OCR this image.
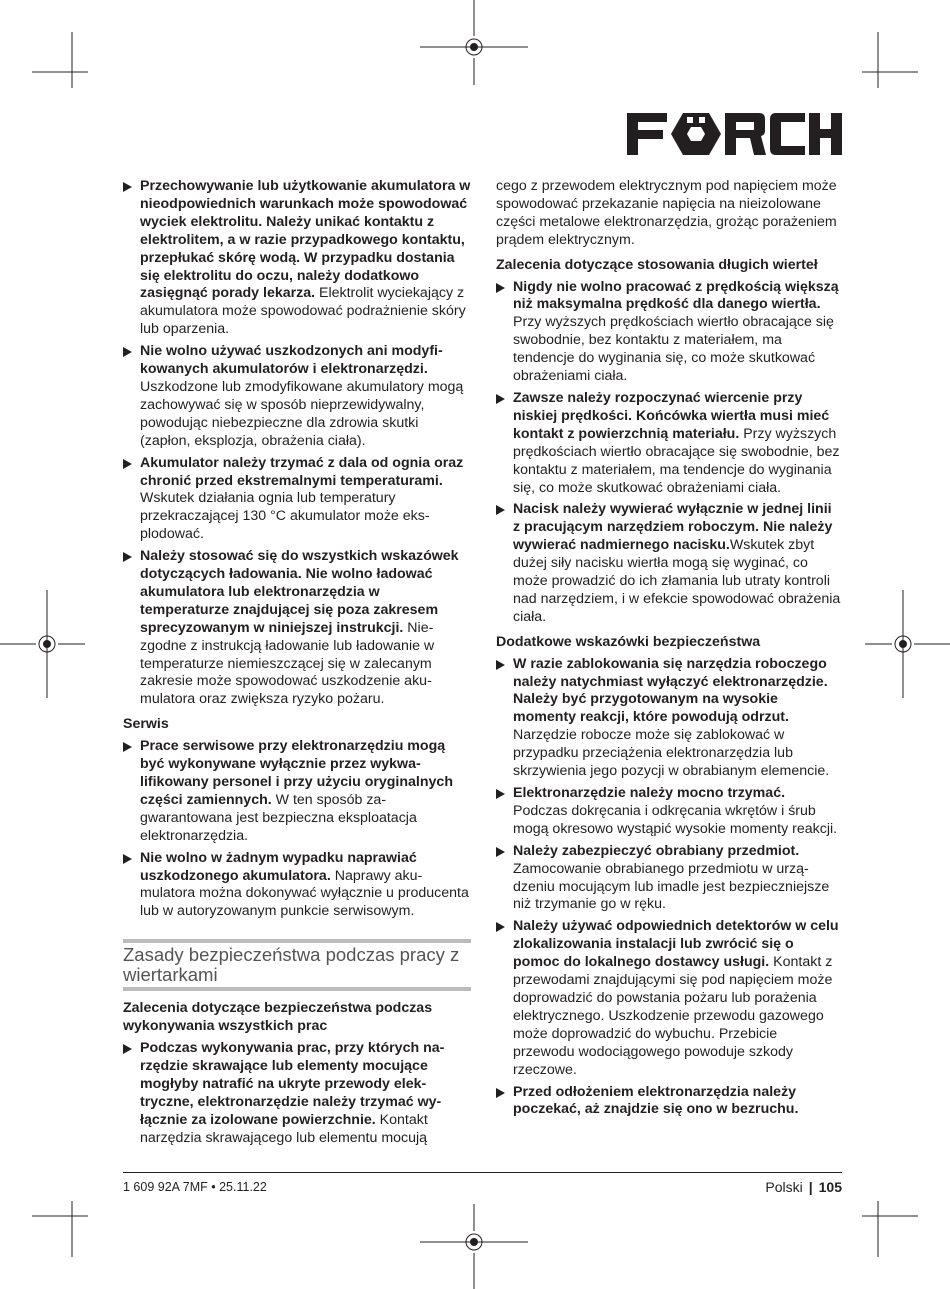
Przechowywanie lub użytkowanie akumulatora w nieodpowiednich warunkach może spowodować wyciek elektrolitu. Należy unikać kontaktu z elektrolitem, a w razie przypadkowego kontaktu, przepłukać skórę wodą. W przypadku dostania się elektrolitu do oczu, należy dodatkowo zasięgnąć porady lekarza. Elektrolit wyciekający z akumulatora może spowodować podrażnienie skóry lub oparzenia.
Nie wolno używać uszkodzonych ani modyfikowanych akumulatorów i elektronarzędzi. Uszkodzone lub zmodyfikowane akumulatory mogą zachowywać się w sposób nieprzewidywalny, powodując niebezpieczne dla zdrowia skutki (zapłon, eksplozja, obrażenia ciała).
Akumulator należy trzymać z dala od ognia oraz chronić przed ekstremalnymi temperaturami. Wskutek działania ognia lub temperatury przekraczającej 130 °C akumulator może eksplodować.
Należy stosować się do wszystkich wskazówek dotyczących ładowania. Nie wolno ładować akumulatora lub elektronarzędzia w temperaturze znajdującej się poza zakresem sprecyzowanym w niniejszej instrukcji. Niezgodne z instrukcją ładowanie lub ładowanie w temperaturze niemieszczącej się w zalecanym zakresie może spowodować uszkodzenie akumulatora oraz zwiększa ryzyko pożaru.
Serwis
Prace serwisowe przy elektronarzędziu mogą być wykonywane wyłącznie przez wykwalifikowany personel i przy użyciu oryginalnych części zamiennych. W ten sposób zagwarantowana jest bezpieczna eksploatacja elektronarzędzia.
Nie wolno w żadnym wypadku naprawiać uszkodzonego akumulatora. Naprawy akumulatora można dokonywać wyłącznie u producenta lub w autoryzowanym punkcie serwisowym.
Zasady bezpieczeństwa podczas pracy z wiertarkami
Zalecenia dotyczące bezpieczeństwa podczas wykonywania wszystkich prac
Podczas wykonywania prac, przy których narzędzie skrawające lub elementy mocujące mogłyby natrafić na ukryte przewody elektryczne, elektronarzędzie należy trzymać wyłącznie za izolowane powierzchnie. Kontakt narzędzia skrawającego lub elementu mocują
cego z przewodem elektrycznym pod napięciem może spowodować przekazanie napięcia na nieizolowane części metalowe elektronarzędzia, grożąc porażeniem prądem elektrycznym.
Zalecenia dotyczące stosowania długich wierteł
Nigdy nie wolno pracować z prędkością większą niż maksymalna prędkość dla danego wiertła. Przy wyższych prędkościach wiertło obracające się swobodnie, bez kontaktu z materiałem, ma tendencje do wyginania się, co może skutkować obrażeniami ciała.
Zawsze należy rozpoczynać wiercenie przy niskiej prędkości. Końcówka wiertła musi mieć kontakt z powierzchnią materiału. Przy wyższych prędkościach wiertło obracające się swobodnie, bez kontaktu z materiałem, ma tendencje do wyginania się, co może skutkować obrażeniami ciała.
Nacisk należy wywierać wyłącznie w jednej linii z pracującym narzędziem roboczym. Nie należy wywierać nadmiernego nacisku.Wskutek zbyt dużej siły nacisku wiertła mogą się wyginać, co może prowadzić do ich złamania lub utraty kontroli nad narzędziem, i w efekcie spowodować obrażenia ciała.
Dodatkowe wskazówki bezpieczeństwa
W razie zablokowania się narzędzia roboczego należy natychmiast wyłączyć elektronarzędzie. Należy być przygotowanym na wysokie momenty reakcji, które powodują odrzut. Narzędzie robocze może się zablokować w przypadku przeciążenia elektronarzędzia lub skrzywienia jego pozycji w obrabianym elemencie.
Elektronarzędzie należy mocno trzymać. Podczas dokręcania i odkręcania wkrętów i śrub mogą okresowo wystąpić wysokie momenty reakcji.
Należy zabezpieczyć obrabiany przedmiot. Zamocowanie obrabianego przedmiotu w urządzeniu mocującym lub imadle jest bezpieczniejsze niż trzymanie go w ręku.
Należy używać odpowiednich detektorów w celu zlokalizowania instalacji lub zwrócić się o pomoc do lokalnego dostawcy usługi. Kontakt z przewodami znajdującymi się pod napięciem może doprowadzić do powstania pożaru lub porażenia elektrycznego. Uszkodzenie przewodu gazowego może doprowadzić do wybuchu. Przebicie przewodu wodociągowego powoduje szkody rzeczowe.
Przed odłożeniem elektronarzędzia należy poczekać, aż znajdzie się ono w bezruchu.
1 609 92A 7MF • 25.11.22	Polski | 105
